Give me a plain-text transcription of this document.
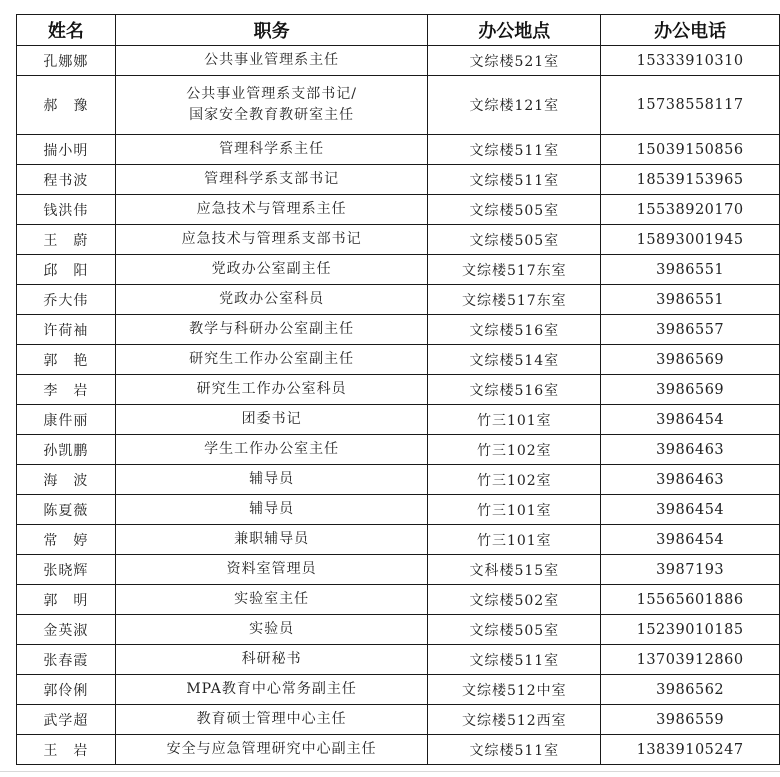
姓名	职务	办公地点	办公电话
孔娜娜	公共事业管理系主任	文综楼521室	15333910310
郝　豫	公共事业管理系支部书记/
国家安全教育教研室主任	文综楼121室	15738558117
揣小明	管理科学系主任	文综楼511室	15039150856
程书波	管理科学系支部书记	文综楼511室	18539153965
钱洪伟	应急技术与管理系主任	文综楼505室	15538920170
王　蔚	应急技术与管理系支部书记	文综楼505室	15893001945
邱　阳	党政办公室副主任	文综楼517东室	3986551
乔大伟	党政办公室科员	文综楼517东室	3986551
许荷袖	教学与科研办公室副主任	文综楼516室	3986557
郭　艳	研究生工作办公室副主任	文综楼514室	3986569
李　岩	研究生工作办公室科员	文综楼516室	3986569
康件丽	团委书记	竹三101室	3986454
孙凯鹏	学生工作办公室主任	竹三102室	3986463
海　波	辅导员	竹三102室	3986463
陈夏薇	辅导员	竹三101室	3986454
常　婷	兼职辅导员	竹三101室	3986454
张晓辉	资料室管理员	文科楼515室	3987193
郭　明	实验室主任	文综楼502室	15565601886
金英淑	实验员	文综楼505室	15239010185
张春霞	科研秘书	文综楼511室	13703912860
郭伶俐	MPA教育中心常务副主任	文综楼512中室	3986562
武学超	教育硕士管理中心主任	文综楼512西室	3986559
王　岩	安全与应急管理研究中心副主任	文综楼511室	13839105247
